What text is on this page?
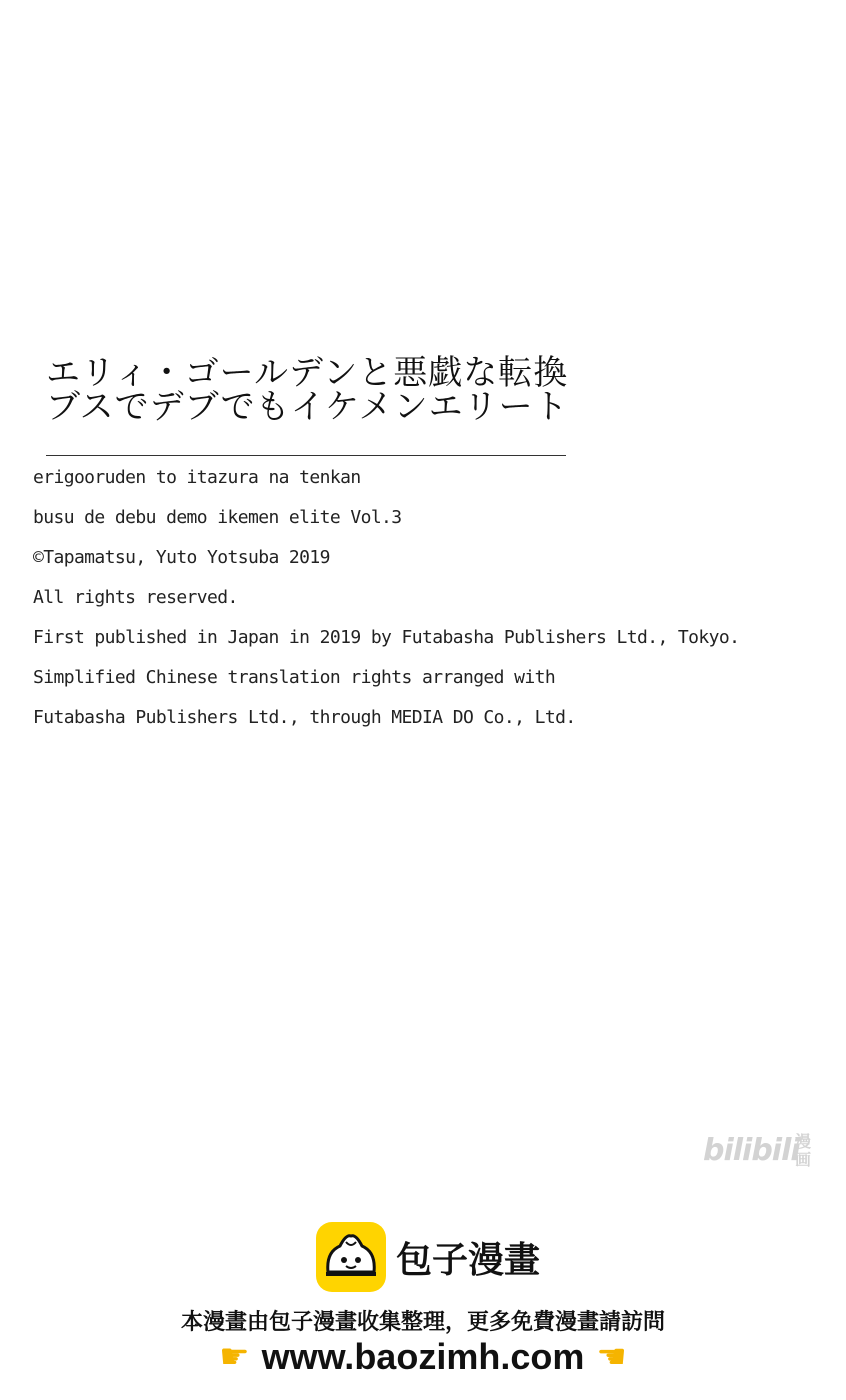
エリィ・ゴールデンと悪戯な転換
ブスでデブでもイケメンエリート
erigooruden to itazura na tenkan
busu de debu demo ikemen elite Vol.3
©Tapamatsu, Yuto Yotsuba 2019
All rights reserved.
First published in Japan in 2019 by Futabasha Publishers Ltd., Tokyo.
Simplified Chinese translation rights arranged with
Futabasha Publishers Ltd., through MEDIA DO Co., Ltd.
bilibili
漫画
包子漫畫
本漫畫由包子漫畫收集整理，更多免費漫畫請訪問
☛ www.baozimh.com ☚
